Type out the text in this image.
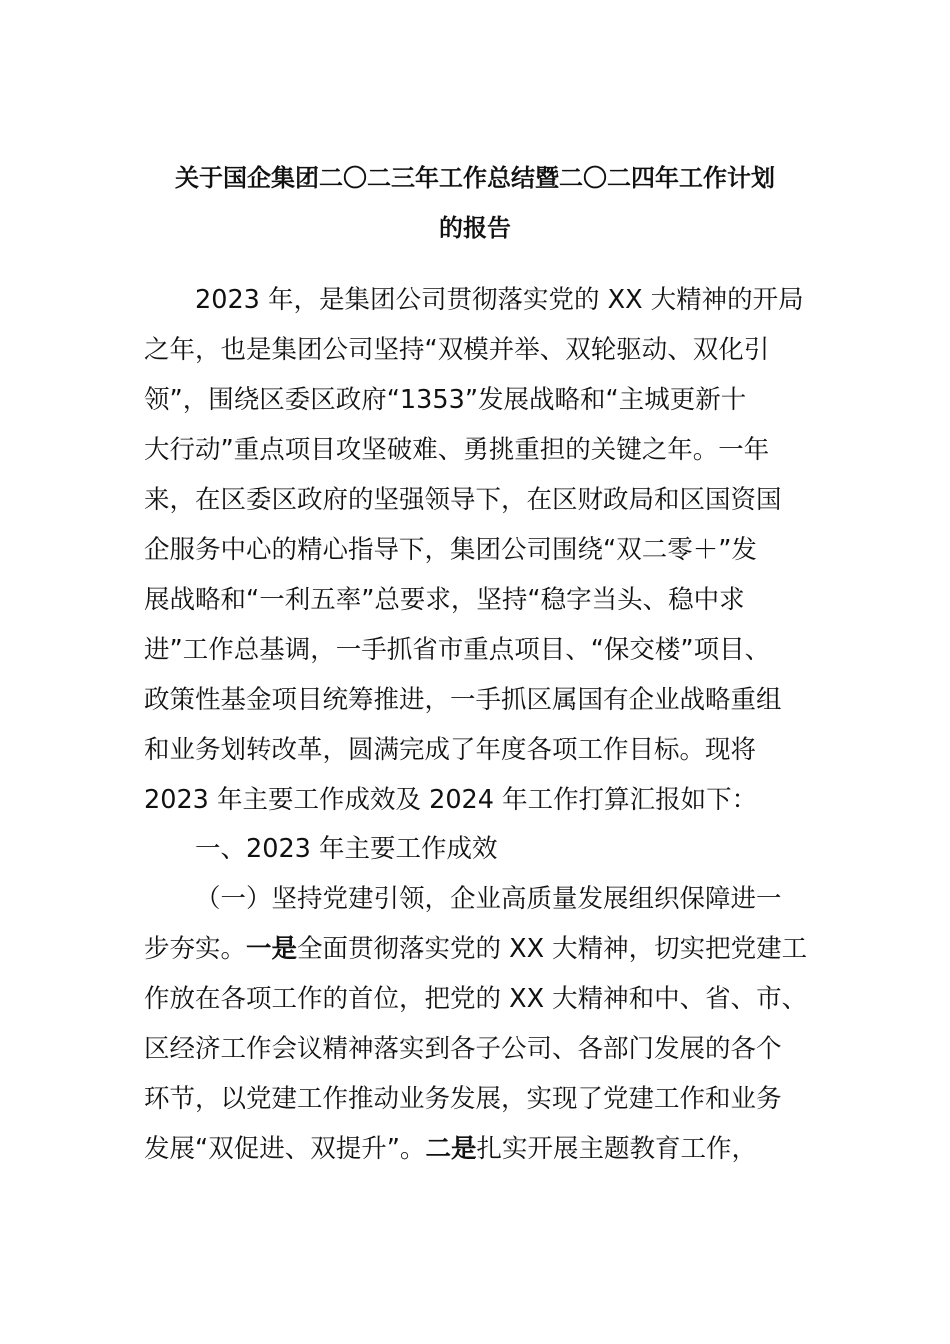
关于国企集团二〇二三年工作总结暨二〇二四年工作计划
的报告
2023 年，是集团公司贯彻落实党的 XX 大精神的开局
之年，也是集团公司坚持“双模并举、双轮驱动、双化引
领”，围绕区委区政府“1353”发展战略和“主城更新十
大行动”重点项目攻坚破难、勇挑重担的关键之年。一年
来，在区委区政府的坚强领导下，在区财政局和区国资国
企服务中心的精心指导下，集团公司围绕“双二零＋”发
展战略和“一利五率”总要求，坚持“稳字当头、稳中求
进”工作总基调，一手抓省市重点项目、“保交楼”项目、
政策性基金项目统筹推进，一手抓区属国有企业战略重组
和业务划转改革，圆满完成了年度各项工作目标。现将
2023 年主要工作成效及 2024 年工作打算汇报如下：
一、2023 年主要工作成效
（一）坚持党建引领，企业高质量发展组织保障进一
步夯实。一是全面贯彻落实党的 XX 大精神，切实把党建工
作放在各项工作的首位，把党的 XX 大精神和中、省、市、
区经济工作会议精神落实到各子公司、各部门发展的各个
环节，以党建工作推动业务发展，实现了党建工作和业务
发展“双促进、双提升”。二是扎实开展主题教育工作，
